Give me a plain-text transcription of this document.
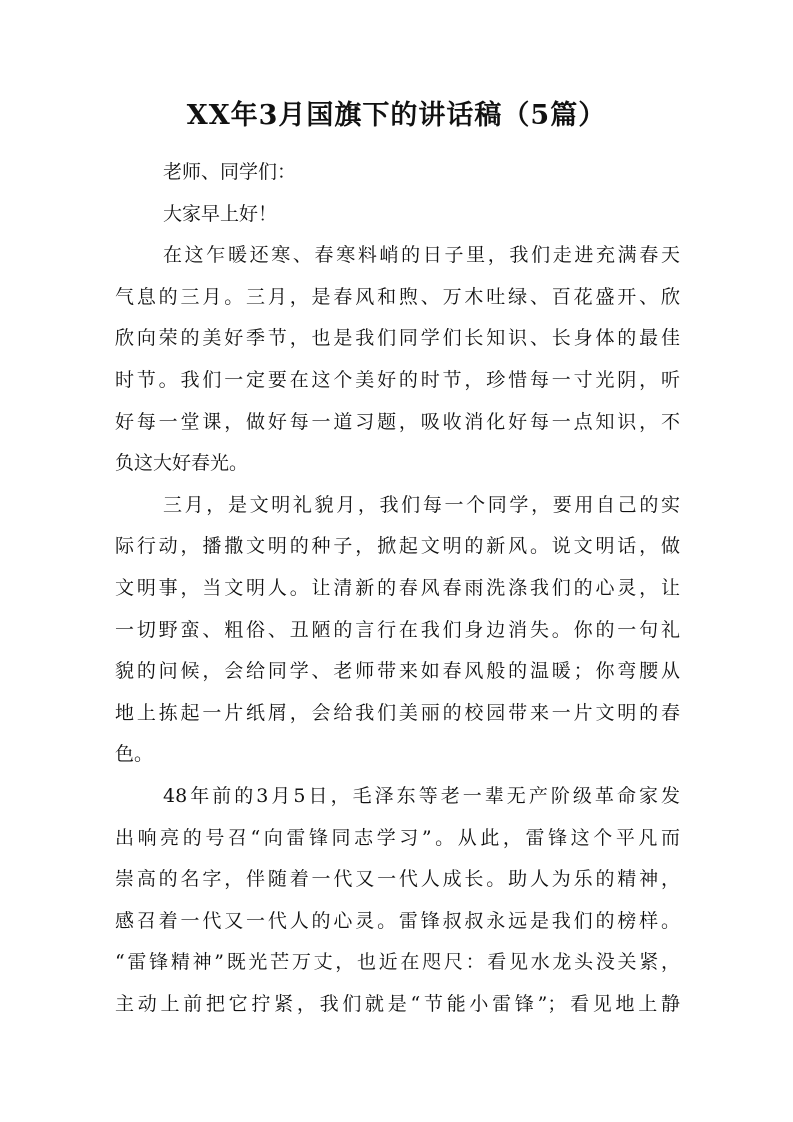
XX年3月国旗下的讲话稿（5篇）
老师、同学们：
大家早上好！
在这乍暖还寒、春寒料峭的日子里，我们走进充满春天
气息的三月。三月，是春风和煦、万木吐绿、百花盛开、欣
欣向荣的美好季节，也是我们同学们长知识、长身体的最佳
时节。我们一定要在这个美好的时节，珍惜每一寸光阴，听
好每一堂课，做好每一道习题，吸收消化好每一点知识，不
负这大好春光。
三月，是文明礼貌月，我们每一个同学，要用自己的实
际行动，播撒文明的种子，掀起文明的新风。说文明话，做
文明事，当文明人。让清新的春风春雨洗涤我们的心灵，让
一切野蛮、粗俗、丑陋的言行在我们身边消失。你的一句礼
貌的问候，会给同学、老师带来如春风般的温暖；你弯腰从
地上拣起一片纸屑，会给我们美丽的校园带来一片文明的春
色。
48年前的3月5日，毛泽东等老一辈无产阶级革命家发
出响亮的号召“向雷锋同志学习”。从此，雷锋这个平凡而
崇高的名字，伴随着一代又一代人成长。助人为乐的精神，
感召着一代又一代人的心灵。雷锋叔叔永远是我们的榜样。
“雷锋精神”既光芒万丈，也近在咫尺：看见水龙头没关紧，
主动上前把它拧紧，我们就是“节能小雷锋”；看见地上静
